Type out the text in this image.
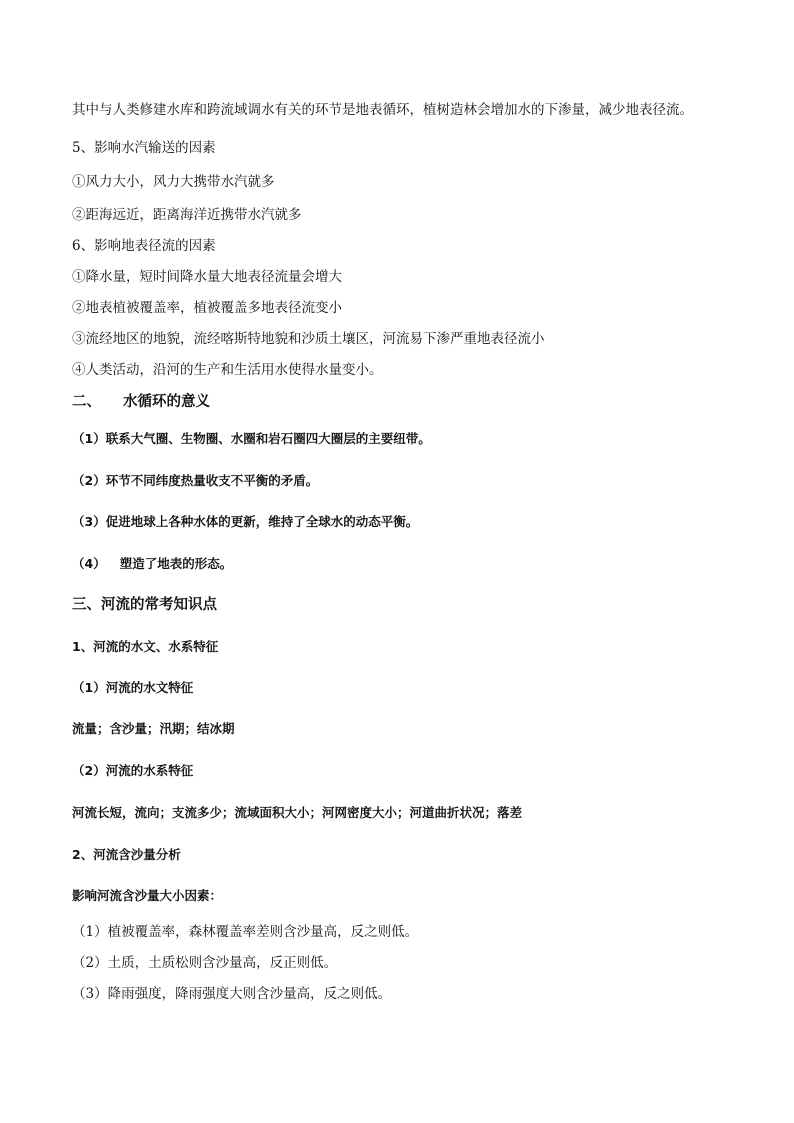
其中与人类修建水库和跨流域调水有关的环节是地表循环，植树造林会增加水的下渗量，减少地表径流。

5、影响水汽输送的因素

①风力大小，风力大携带水汽就多

②距海远近，距离海洋近携带水汽就多

6、影响地表径流的因素

①降水量，短时间降水量大地表径流量会增大

②地表植被覆盖率，植被覆盖多地表径流变小

③流经地区的地貌，流经喀斯特地貌和沙质土壤区，河流易下渗严重地表径流小

④人类活动，沿河的生产和生活用水使得水量变小。

二、 水循环的意义

（1）联系大气圈、生物圈、水圈和岩石圈四大圈层的主要纽带。

（2）环节不同纬度热量收支不平衡的矛盾。

（3）促进地球上各种水体的更新，维持了全球水的动态平衡。

（4） 塑造了地表的形态。

三、河流的常考知识点

1、河流的水文、水系特征

（1）河流的水文特征

流量；含沙量；汛期；结冰期

（2）河流的水系特征

河流长短，流向；支流多少；流域面积大小；河网密度大小；河道曲折状况；落差

2、河流含沙量分析

影响河流含沙量大小因素：

（1）植被覆盖率，森林覆盖率差则含沙量高，反之则低。

（2）土质，土质松则含沙量高，反正则低。

（3）降雨强度，降雨强度大则含沙量高，反之则低。
